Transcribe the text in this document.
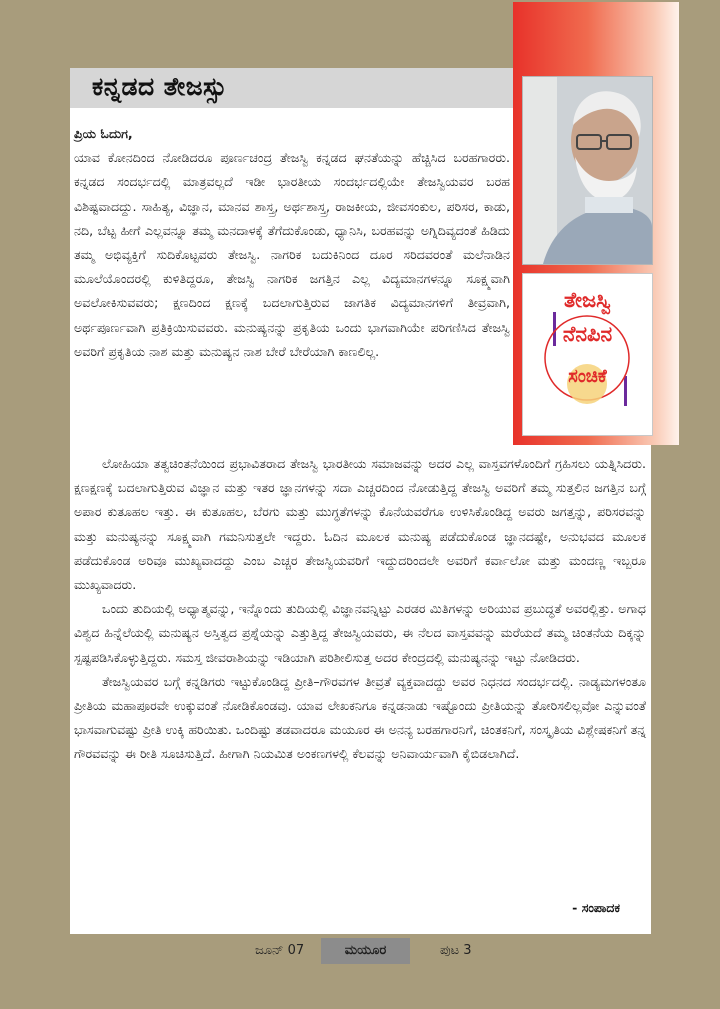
ತೇಜಸ್ವಿ
ನೆನಪಿನ
ಸಂಚಿಕೆ
ಕನ್ನಡದ ತೇಜಸ್ಸು
ಪ್ರಿಯ ಓದುಗ,
ಯಾವ ಕೋನದಿಂದ ನೋಡಿದರೂ ಪೂರ್ಣಚಂದ್ರ ತೇಜಸ್ವಿ ಕನ್ನಡದ ಘನತೆಯನ್ನು ಹೆಚ್ಚಿಸಿದ ಬರಹಗಾರರು. ಕನ್ನಡದ ಸಂದರ್ಭದಲ್ಲಿ ಮಾತ್ರವಲ್ಲದೆ ಇಡೀ ಭಾರತೀಯ ಸಂದರ್ಭದಲ್ಲಿಯೇ ತೇಜಸ್ವಿಯವರ ಬರಹ ವಿಶಿಷ್ಟವಾದದ್ದು. ಸಾಹಿತ್ಯ, ವಿಜ್ಞಾನ, ಮಾನವ ಶಾಸ್ತ್ರ, ಅರ್ಥಶಾಸ್ತ್ರ, ರಾಜಕೀಯ, ಜೀವಸಂಕುಲ, ಪರಿಸರ, ಕಾಡು, ನದಿ, ಬೆಟ್ಟ ಹೀಗೆ ಎಲ್ಲವನ್ನೂ ತಮ್ಮ ಮನದಾಳಕ್ಕೆ ತೆಗೆದುಕೊಂಡು, ಧ್ಯಾನಿಸಿ, ಬರಹವನ್ನು ಅಗ್ನಿದಿವ್ಯದಂತೆ ಹಿಡಿದು ತಮ್ಮ ಅಭಿವ್ಯಕ್ತಿಗೆ ಸುದಿಕೊಟ್ಟವರು ತೇಜಸ್ವಿ. ನಾಗರಿಕ ಬದುಕಿನಿಂದ ದೂರ ಸರಿದವರಂತೆ ಮಲೆನಾಡಿನ ಮೂಲೆಯೊಂದರಲ್ಲಿ ಕುಳಿತಿದ್ದರೂ, ತೇಜಸ್ವಿ ನಾಗರಿಕ ಜಗತ್ತಿನ ಎಲ್ಲ ವಿದ್ಯಮಾನಗಳನ್ನೂ ಸೂಕ್ಷ್ಮವಾಗಿ ಅವಲೋಕಿಸುವವರು; ಕ್ಷಣದಿಂದ ಕ್ಷಣಕ್ಕೆ ಬದಲಾಗುತ್ತಿರುವ ಜಾಗತಿಕ ವಿದ್ಯಮಾನಗಳಿಗೆ ತೀವ್ರವಾಗಿ, ಅರ್ಥಪೂರ್ಣವಾಗಿ ಪ್ರತಿಕ್ರಿಯಿಸುವವರು. ಮನುಷ್ಯನನ್ನು ಪ್ರಕೃತಿಯ ಒಂದು ಭಾಗವಾಗಿಯೇ ಪರಿಗಣಿಸಿದ ತೇಜಸ್ವಿ ಅವರಿಗೆ ಪ್ರಕೃತಿಯ ನಾಶ ಮತ್ತು ಮನುಷ್ಯನ ನಾಶ ಬೇರೆ ಬೇರೆಯಾಗಿ ಕಾಣಲಿಲ್ಲ.
ಲೋಹಿಯಾ ತತ್ವಚಿಂತನೆಯಿಂದ ಪ್ರಭಾವಿತರಾದ ತೇಜಸ್ವಿ ಭಾರತೀಯ ಸಮಾಜವನ್ನು ಅದರ ಎಲ್ಲ ವಾಸ್ತವಗಳೊಂದಿಗೆ ಗ್ರಹಿಸಲು ಯತ್ನಿಸಿದರು. ಕ್ಷಣಕ್ಷಣಕ್ಕೆ ಬದಲಾಗುತ್ತಿರುವ ವಿಜ್ಞಾನ ಮತ್ತು ಇತರ ಜ್ಞಾನಗಳನ್ನು ಸದಾ ಎಚ್ಚರದಿಂದ ನೋಡುತ್ತಿದ್ದ ತೇಜಸ್ವಿ ಅವರಿಗೆ ತಮ್ಮ ಸುತ್ತಲಿನ ಜಗತ್ತಿನ ಬಗ್ಗೆ ಅಪಾರ ಕುತೂಹಲ ಇತ್ತು. ಈ ಕುತೂಹಲ, ಬೆರಗು ಮತ್ತು ಮುಗ್ಧತೆಗಳನ್ನು ಕೊನೆಯವರೆಗೂ ಉಳಿಸಿಕೊಂಡಿದ್ದ ಅವರು ಜಗತ್ತನ್ನು, ಪರಿಸರವನ್ನು ಮತ್ತು ಮನುಷ್ಯನನ್ನು ಸೂಕ್ಷ್ಮವಾಗಿ ಗಮನಿಸುತ್ತಲೇ ಇದ್ದರು. ಓದಿನ ಮೂಲಕ ಮನುಷ್ಯ ಪಡೆದುಕೊಂಡ ಜ್ಞಾನದಷ್ಟೇ, ಅನುಭವದ ಮೂಲಕ ಪಡೆದುಕೊಂಡ ಅರಿವೂ ಮುಖ್ಯವಾದದ್ದು ಎಂಬ ಎಚ್ಚರ ತೇಜಸ್ವಿಯವರಿಗೆ ಇದ್ದುದರಿಂದಲೇ ಅವರಿಗೆ ಕರ್ವಾಲೋ ಮತ್ತು ಮಂದಣ್ಣ ಇಬ್ಬರೂ ಮುಖ್ಯವಾದರು.
ಒಂದು ತುದಿಯಲ್ಲಿ ಅಧ್ಯಾತ್ಮವನ್ನು, ಇನ್ನೊಂದು ತುದಿಯಲ್ಲಿ ವಿಜ್ಞಾನವನ್ನಿಟ್ಟು ಎರಡರ ಮಿತಿಗಳನ್ನು ಅರಿಯುವ ಪ್ರಬುದ್ಧತೆ ಅವರಲ್ಲಿತ್ತು. ಅಗಾಧ ವಿಶ್ವದ ಹಿನ್ನೆಲೆಯಲ್ಲಿ ಮನುಷ್ಯನ ಅಸ್ತಿತ್ವದ ಪ್ರಶ್ನೆಯನ್ನು ಎತ್ತುತ್ತಿದ್ದ ತೇಜಸ್ವಿಯವರು, ಈ ನೆಲದ ವಾಸ್ತವವನ್ನು ಮರೆಯದೆ ತಮ್ಮ ಚಿಂತನೆಯ ದಿಕ್ಕನ್ನು ಸ್ಪಷ್ಟಪಡಿಸಿಕೊಳ್ಳುತ್ತಿದ್ದರು. ಸಮಸ್ತ ಜೀವರಾಶಿಯನ್ನು ಇಡಿಯಾಗಿ ಪರಿಶೀಲಿಸುತ್ತ ಅದರ ಕೇಂದ್ರದಲ್ಲಿ ಮನುಷ್ಯನನ್ನು ಇಟ್ಟು ನೋಡಿದರು.
ತೇಜಸ್ವಿಯವರ ಬಗ್ಗೆ ಕನ್ನಡಿಗರು ಇಟ್ಟುಕೊಂಡಿದ್ದ ಪ್ರೀತಿ–ಗೌರವಗಳ ತೀವ್ರತೆ ವ್ಯಕ್ತವಾದದ್ದು ಅವರ ನಿಧನದ ಸಂದರ್ಭದಲ್ಲಿ. ನಾಡ್ಯಮಗಳಂತೂ ಪ್ರೀತಿಯ ಮಹಾಪೂರವೇ ಉಕ್ಕುವಂತೆ ನೋಡಿಕೊಂಡವು. ಯಾವ ಲೇಖಕನಿಗೂ ಕನ್ನಡನಾಡು ಇಷ್ಟೊಂದು ಪ್ರೀತಿಯನ್ನು ತೋರಿಸಲಿಲ್ಲವೋ ಎನ್ನುವಂತೆ ಭಾಸವಾಗುವಷ್ಟು ಪ್ರೀತಿ ಉಕ್ಕಿ ಹರಿಯಿತು. ಒಂದಿಷ್ಟು ತಡವಾದರೂ ಮಯೂರ ಈ ಅನನ್ಯ ಬರಹಗಾರನಿಗೆ, ಚಿಂತಕನಿಗೆ, ಸಂಸ್ಕೃತಿಯ ವಿಶ್ಲೇಷಕನಿಗೆ ತನ್ನ ಗೌರವವನ್ನು ಈ ರೀತಿ ಸೂಚಿಸುತ್ತಿದೆ. ಹೀಗಾಗಿ ನಿಯಮಿತ ಅಂಕಣಗಳಲ್ಲಿ ಕೆಲವನ್ನು ಅನಿವಾರ್ಯವಾಗಿ ಕೈಬಿಡಲಾಗಿದೆ.
- ಸಂಪಾದಕ
ಜೂನ್ 07	ಮಯೂರ	ಪುಟ 3
